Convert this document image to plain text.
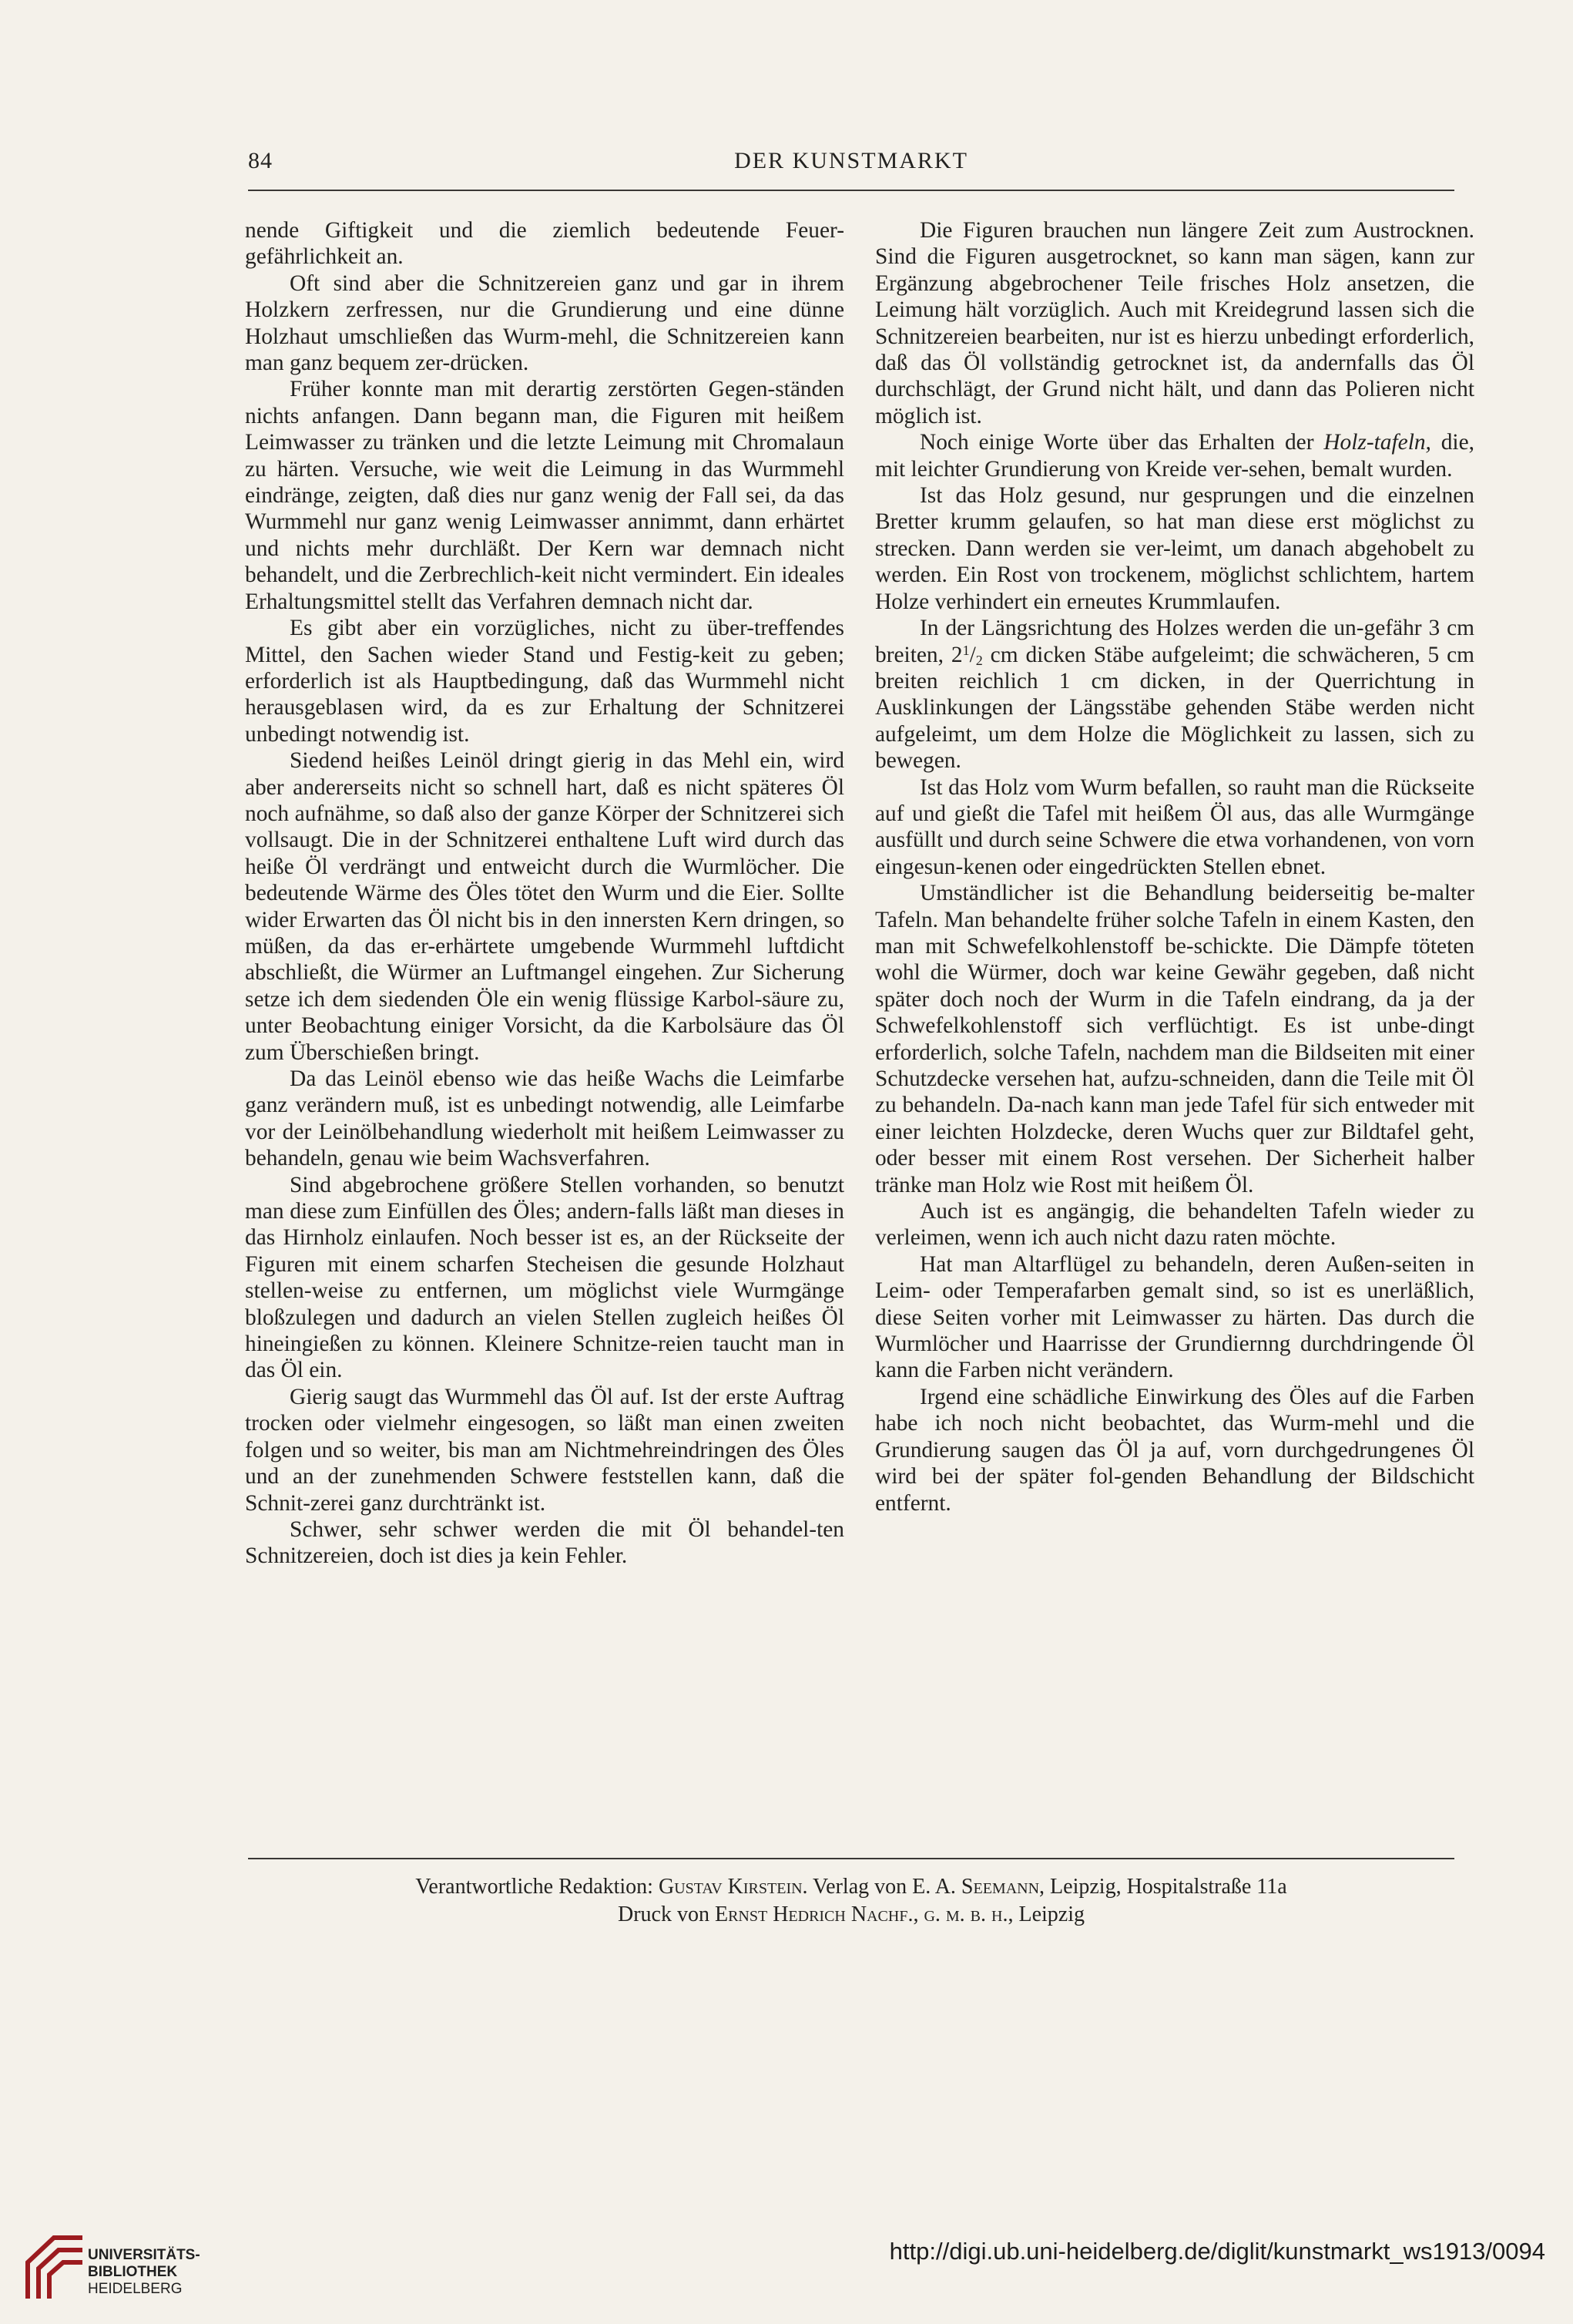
84	DER KUNSTMARKT

nende Giftigkeit und die ziemlich bedeutende Feuer-gefährlichkeit an.

Oft sind aber die Schnitzereien ganz und gar in ihrem Holzkern zerfressen, nur die Grundierung und eine dünne Holzhaut umschließen das Wurm-mehl, die Schnitzereien kann man ganz bequem zer-drücken.

Früher konnte man mit derartig zerstörten Gegen-ständen nichts anfangen. Dann begann man, die Figuren mit heißem Leimwasser zu tränken und die letzte Leimung mit Chromalaun zu härten. Versuche, wie weit die Leimung in das Wurmmehl eindränge, zeigten, daß dies nur ganz wenig der Fall sei, da das Wurmmehl nur ganz wenig Leimwasser annimmt, dann erhärtet und nichts mehr durchläßt. Der Kern war demnach nicht behandelt, und die Zerbrechlich-keit nicht vermindert. Ein ideales Erhaltungsmittel stellt das Verfahren demnach nicht dar.

Es gibt aber ein vorzügliches, nicht zu über-treffendes Mittel, den Sachen wieder Stand und Festig-keit zu geben; erforderlich ist als Hauptbedingung, daß das Wurmmehl nicht herausgeblasen wird, da es zur Erhaltung der Schnitzerei unbedingt notwendig ist.

Siedend heißes Leinöl dringt gierig in das Mehl ein, wird aber andererseits nicht so schnell hart, daß es nicht späteres Öl noch aufnähme, so daß also der ganze Körper der Schnitzerei sich vollsaugt. Die in der Schnitzerei enthaltene Luft wird durch das heiße Öl verdrängt und entweicht durch die Wurmlöcher. Die bedeutende Wärme des Öles tötet den Wurm und die Eier. Sollte wider Erwarten das Öl nicht bis in den innersten Kern dringen, so müßen, da das er-erhärtete umgebende Wurmmehl luftdicht abschließt, die Würmer an Luftmangel eingehen. Zur Sicherung setze ich dem siedenden Öle ein wenig flüssige Karbol-säure zu, unter Beobachtung einiger Vorsicht, da die Karbolsäure das Öl zum Überschießen bringt.

Da das Leinöl ebenso wie das heiße Wachs die Leimfarbe ganz verändern muß, ist es unbedingt notwendig, alle Leimfarbe vor der Leinölbehandlung wiederholt mit heißem Leimwasser zu behandeln, genau wie beim Wachsverfahren.

Sind abgebrochene größere Stellen vorhanden, so benutzt man diese zum Einfüllen des Öles; andern-falls läßt man dieses in das Hirnholz einlaufen. Noch besser ist es, an der Rückseite der Figuren mit einem scharfen Stecheisen die gesunde Holzhaut stellen-weise zu entfernen, um möglichst viele Wurmgänge bloßzulegen und dadurch an vielen Stellen zugleich heißes Öl hineingießen zu können. Kleinere Schnitze-reien taucht man in das Öl ein.

Gierig saugt das Wurmmehl das Öl auf. Ist der erste Auftrag trocken oder vielmehr eingesogen, so läßt man einen zweiten folgen und so weiter, bis man am Nichtmehreindringen des Öles und an der zunehmenden Schwere feststellen kann, daß die Schnit-zerei ganz durchtränkt ist.

Schwer, sehr schwer werden die mit Öl behandel-ten Schnitzereien, doch ist dies ja kein Fehler.

Die Figuren brauchen nun längere Zeit zum Austrocknen. Sind die Figuren ausgetrocknet, so kann man sägen, kann zur Ergänzung abgebrochener Teile frisches Holz ansetzen, die Leimung hält vorzüglich. Auch mit Kreidegrund lassen sich die Schnitzereien bearbeiten, nur ist es hierzu unbedingt erforderlich, daß das Öl vollständig getrocknet ist, da andernfalls das Öl durchschlägt, der Grund nicht hält, und dann das Polieren nicht möglich ist.

Noch einige Worte über das Erhalten der Holz-tafeln, die, mit leichter Grundierung von Kreide ver-sehen, bemalt wurden.

Ist das Holz gesund, nur gesprungen und die einzelnen Bretter krumm gelaufen, so hat man diese erst möglichst zu strecken. Dann werden sie ver-leimt, um danach abgehobelt zu werden. Ein Rost von trockenem, möglichst schlichtem, hartem Holze verhindert ein erneutes Krummlaufen.

In der Längsrichtung des Holzes werden die un-gefähr 3 cm breiten, $2^1/_2$ cm dicken Stäbe aufgeleimt; die schwächeren, 5 cm breiten reichlich 1 cm dicken, in der Querrichtung in Ausklinkungen der Längsstäbe gehenden Stäbe werden nicht aufgeleimt, um dem Holze die Möglichkeit zu lassen, sich zu bewegen.

Ist das Holz vom Wurm befallen, so rauht man die Rückseite auf und gießt die Tafel mit heißem Öl aus, das alle Wurmgänge ausfüllt und durch seine Schwere die etwa vorhandenen, von vorn eingesun-kenen oder eingedrückten Stellen ebnet.

Umständlicher ist die Behandlung beiderseitig be-malter Tafeln. Man behandelte früher solche Tafeln in einem Kasten, den man mit Schwefelkohlenstoff be-schickte. Die Dämpfe töteten wohl die Würmer, doch war keine Gewähr gegeben, daß nicht später doch noch der Wurm in die Tafeln eindrang, da ja der Schwefelkohlenstoff sich verflüchtigt. Es ist unbe-dingt erforderlich, solche Tafeln, nachdem man die Bildseiten mit einer Schutzdecke versehen hat, aufzu-schneiden, dann die Teile mit Öl zu behandeln. Da-nach kann man jede Tafel für sich entweder mit einer leichten Holzdecke, deren Wuchs quer zur Bildtafel geht, oder besser mit einem Rost versehen. Der Sicherheit halber tränke man Holz wie Rost mit heißem Öl.

Auch ist es angängig, die behandelten Tafeln wieder zu verleimen, wenn ich auch nicht dazu raten möchte.

Hat man Altarflügel zu behandeln, deren Außen-seiten in Leim- oder Temperafarben gemalt sind, so ist es unerläßlich, diese Seiten vorher mit Leimwasser zu härten. Das durch die Wurmlöcher und Haarrisse der Grundiernng durchdringende Öl kann die Farben nicht verändern.

Irgend eine schädliche Einwirkung des Öles auf die Farben habe ich noch nicht beobachtet, das Wurm-mehl und die Grundierung saugen das Öl ja auf, vorn durchgedrungenes Öl wird bei der später fol-genden Behandlung der Bildschicht entfernt.

Verantwortliche Redaktion: Gustav Kirstein. Verlag von E. A. Seemann, Leipzig, Hospitalstraße 11a
Druck von Ernst Hedrich Nachf., g. m. b. h., Leipzig
UNIVERSITÄTS-
BIBLIOTHEK
HEIDELBERG
http://digi.ub.uni-heidelberg.de/diglit/kunstmarkt_ws1913/0094
